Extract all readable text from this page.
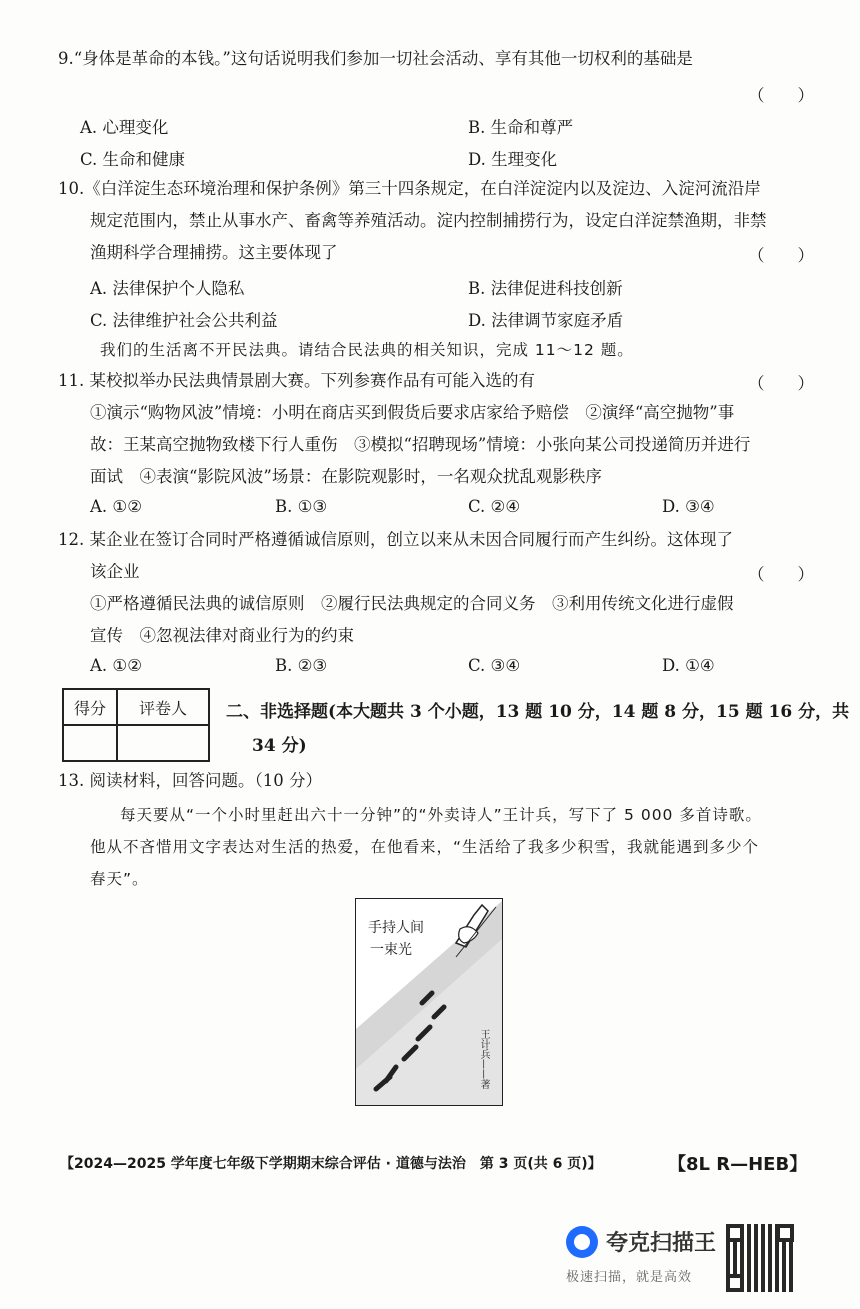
9.“身体是革命的本钱。”这句话说明我们参加一切社会活动、享有其他一切权利的基础是
（　　）
A. 心理变化	B. 生命和尊严
C. 生命和健康	D. 生理变化
10.《白洋淀生态环境治理和保护条例》第三十四条规定，在白洋淀淀内以及淀边、入淀河流沿岸
规定范围内，禁止从事水产、畜禽等养殖活动。淀内控制捕捞行为，设定白洋淀禁渔期，非禁
渔期科学合理捕捞。这主要体现了	（　　）
A. 法律保护个人隐私	B. 法律促进科技创新
C. 法律维护社会公共利益	D. 法律调节家庭矛盾
我们的生活离不开民法典。请结合民法典的相关知识，完成 11～12 题。
11. 某校拟举办民法典情景剧大赛。下列参赛作品有可能入选的有	（　　）
①演示“购物风波”情境：小明在商店买到假货后要求店家给予赔偿　②演绎“高空抛物”事
故：王某高空抛物致楼下行人重伤　③模拟“招聘现场”情境：小张向某公司投递简历并进行
面试　④表演“影院风波”场景：在影院观影时，一名观众扰乱观影秩序
A. ①②	B. ①③	C. ②④	D. ③④
12. 某企业在签订合同时严格遵循诚信原则，创立以来从未因合同履行而产生纠纷。这体现了
该企业	（　　）
①严格遵循民法典的诚信原则　②履行民法典规定的合同义务　③利用传统文化进行虚假
宣传　④忽视法律对商业行为的约束
A. ①②	B. ②③	C. ③④	D. ①④
得分	评卷人
	二、非选择题(本大题共 3 个小题，13 题 10 分，14 题 8 分，15 题 16 分，共
34 分)
13. 阅读材料，回答问题。（10 分）
每天要从“一个小时里赶出六十一分钟”的“外卖诗人”王计兵，写下了 5 000 多首诗歌。
他从不吝惜用文字表达对生活的热爱，在他看来，“生活给了我多少积雪，我就能遇到多少个
春天”。
手持人间
一束光
王计兵——著
【2024—2025 学年度七年级下学期期末综合评估 · 道德与法治　第 3 页(共 6 页)】	【8L R—HEB】
夸克扫描王
极速扫描，就是高效
